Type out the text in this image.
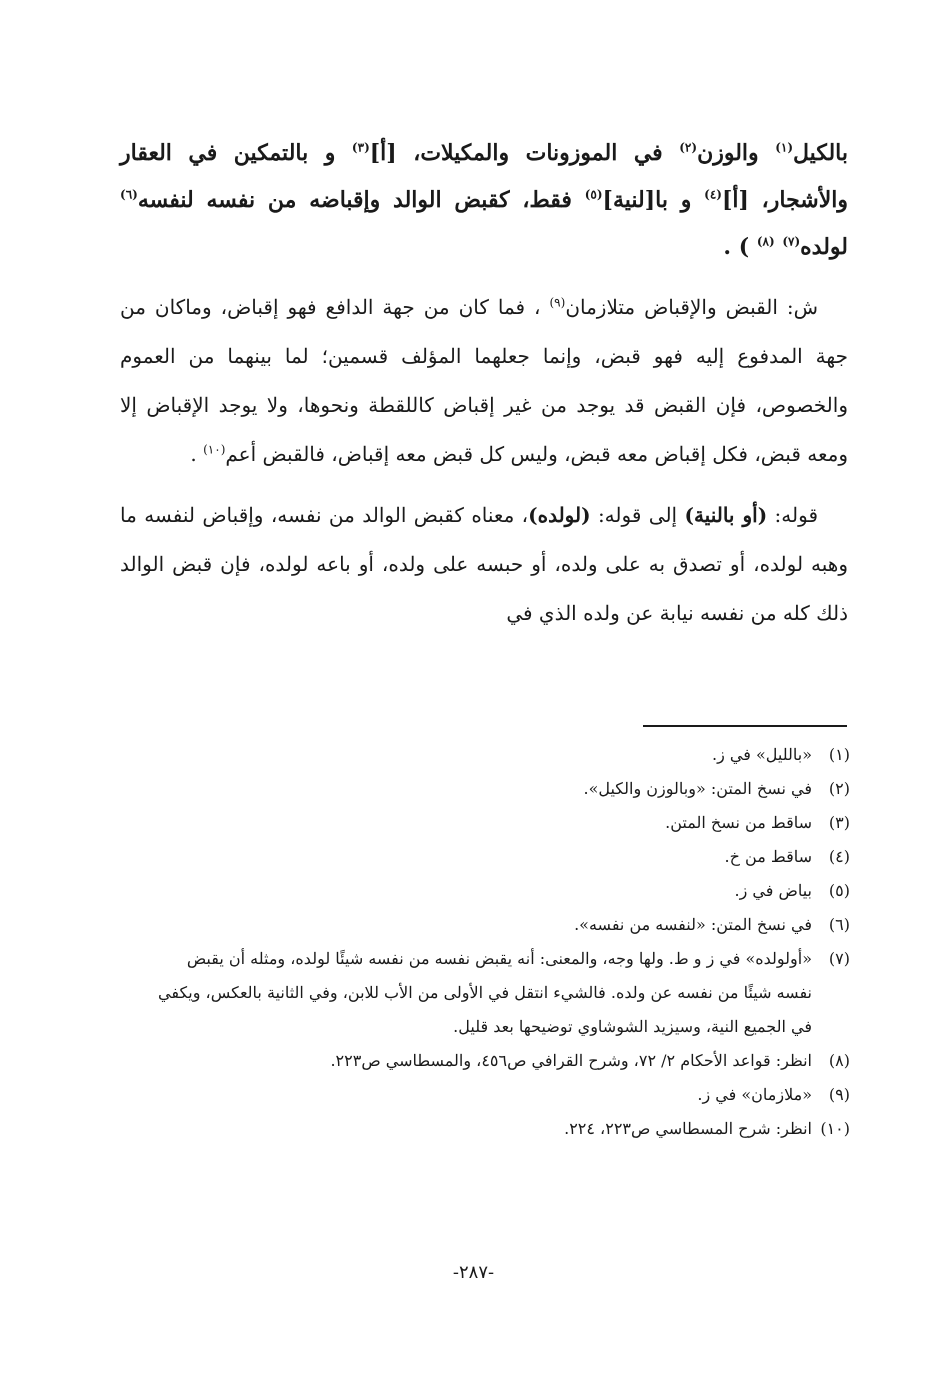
بالكيل$^{(١)}$ والوزن$^{(٢)}$ في الموزونات والمكيلات، [أ]$^{(٣)}$ و بالتمكين في العقار والأشجار، [أ]$^{(٤)}$ و با[لنية]$^{(٥)}$ فقط، كقبض الوالد وإقباضه من نفسه لنفسه$^{(٦)}$ لولده$^{(٧)}$ $^{(٨)}$ ) .

ش: القبض والإقباض متلازمان$^{(٩)}$ ، فما كان من جهة الدافع فهو إقباض، وماكان من جهة المدفوع إليه فهو قبض، وإنما جعلهما المؤلف قسمين؛ لما بينهما من العموم والخصوص، فإن القبض قد يوجد من غير إقباض كاللقطة ونحوها، ولا يوجد الإقباض إلا ومعه قبض، فكل إقباض معه قبض، وليس كل قبض معه إقباض، فالقبض أعم$^{(١٠)}$ .

قوله: (أو بالنية) إلى قوله: (لولده)، معناه كقبض الوالد من نفسه، وإقباض لنفسه ما وهبه لولده، أو تصدق به على ولده، أو حبسه على ولده، أو باعه لولده، فإن قبض الوالد ذلك كله من نفسه نيابة عن ولده الذي في

(١)
«بالليل» في ز.
(٢)
في نسخ المتن: «وبالوزن والكيل».
(٣)
ساقط من نسخ المتن.
(٤)
ساقط من خ.
(٥)
بياض في ز.
(٦)
في نسخ المتن: «لنفسه من نفسه».
(٧)
«أولولده» في ز و ط. ولها وجه، والمعنى: أنه يقبض نفسه من نفسه شيئًا لولده، ومثله أن يقبض نفسه شيئًا من نفسه عن ولده. فالشيء انتقل في الأولى من الأب للابن، وفي الثانية بالعكس، ويكفي في الجميع النية، وسيزيد الشوشاوي توضيحها بعد قليل.
(٨)
انظر: قواعد الأحكام ٢/ ٧٢، وشرح القرافي ص٤٥٦، والمسطاسي ص٢٢٣.
(٩)
«ملازمان» في ز.
(١٠)
انظر: شرح المسطاسي ص٢٢٣، ٢٢٤.
-٢٨٧-
